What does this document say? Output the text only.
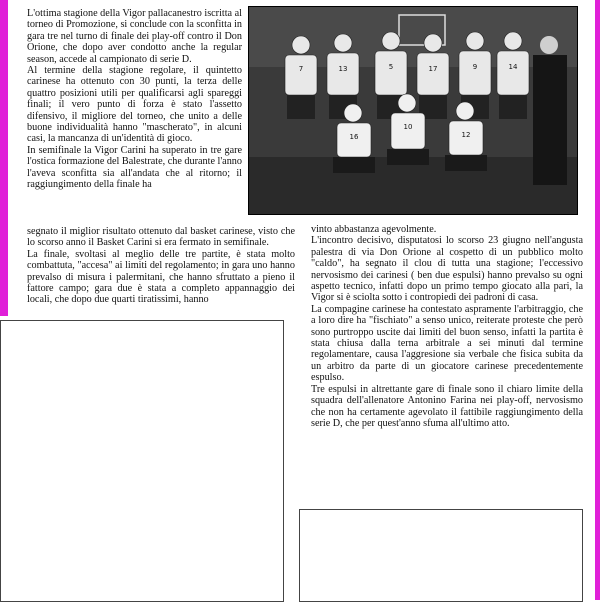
L'ottima stagione della Vigor pallacanestro iscritta al torneo di Promozione, si conclude con la sconfitta in gara tre nel turno di finale dei play-off contro il Don Orione, che dopo aver condotto anche la regular season, accede al campionato di serie D.

Al termine della stagione regolare, il quintetto carinese ha ottenuto con 30 punti, la terza delle quattro posizioni utili per qualificarsi agli spareggi finali; il vero punto di forza è stato l'assetto difensivo, il migliore del torneo, che unito a delle buone individualità hanno "mascherato", in alcuni casi, la mancanza di un'identità di gioco.

In semifinale la Vigor Carini ha superato in tre gare l'ostica formazione del Balestrate, che durante l'anno l'aveva sconfitta sia all'andata che al ritorno; il raggiungimento della finale ha

7	13	5	17	9	14
16
10
12

segnato il miglior risultato ottenuto dal basket carinese, visto che lo scorso anno il Basket Carini si era fermato in semifinale.

La finale, svoltasi al meglio delle tre partite, è stata molto combattuta, "accesa" ai limiti del regolamento; in gara uno hanno prevalso di misura i palermitani, che hanno sfruttato a pieno il fattore campo; gara due è stata a completo appannaggio dei locali, che dopo due quarti tiratissimi, hanno

vinto abbastanza agevolmente.

L'incontro decisivo, disputatosi lo scorso 23 giugno nell'angusta palestra di via Don Orione al cospetto di un pubblico molto "caldo", ha segnato il clou di tutta una stagione; l'eccessivo nervosismo dei carinesi ( ben due espulsi) hanno prevalso su ogni aspetto tecnico, infatti dopo un primo tempo giocato alla pari, la Vigor si è sciolta sotto i contropiedi dei padroni di casa.

La compagine carinese ha contestato aspramente l'arbitraggio, che a loro dire ha "fischiato" a senso unico, reiterate proteste che però sono purtroppo uscite dai limiti del buon senso, infatti la partita è stata chiusa dalla terna arbitrale a sei minuti dal termine regolamentare, causa l'aggresione sia verbale che fisica subita da un arbitro da parte di un giocatore carinese precedentemente espulso.

Tre espulsi in altrettante gare di finale sono il chiaro limite della squadra dell'allenatore Antonino Farina nei play-off, nervosismo che non ha certamente agevolato il fattibile raggiungimento della serie D, che per quest'anno sfuma all'ultimo atto.
